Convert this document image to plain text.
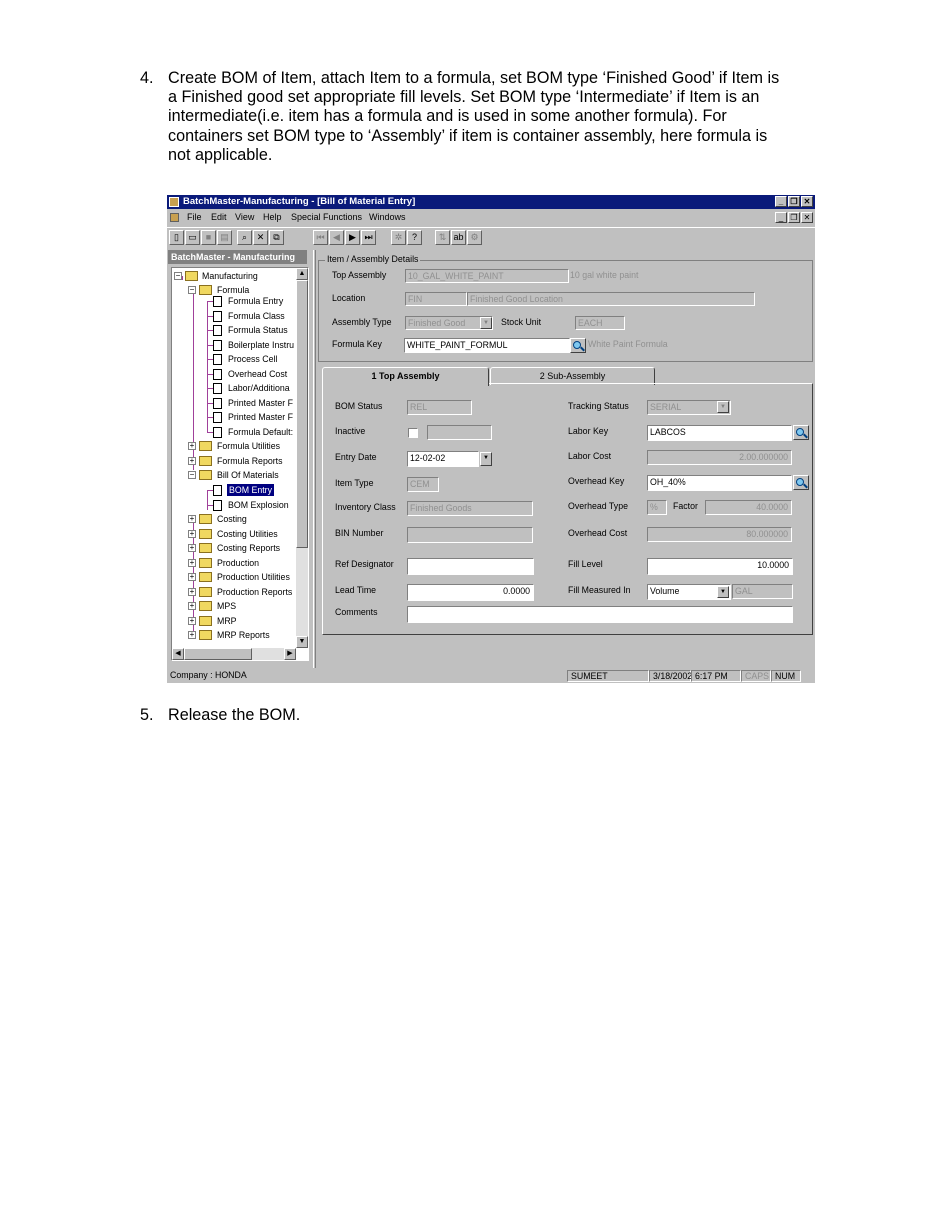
4. Create BOM of Item, attach Item to a formula, set BOM type ‘Finished Good’ if Item is
a Finished good set appropriate fill levels. Set BOM type ‘Intermediate’ if Item is an
intermediate(i.e. item has a formula and is used in some another formula). For
containers set BOM type to ‘Assembly’ if item is container assembly, here formula is
not applicable.
BatchMaster-Manufacturing - [Bill of Material Entry]	_ ❐ ✕
File Edit View Help Special Functions Windows	_ ❐ ✕
▯	▭	■	▤	⌕	✕	⧉	⏮ ◀	▶ ⏭	✲	?	⇅ ab ⚙
BatchMaster - Manufacturing
− Manufacturing
−	Formula
Formula Entry
Formula Class
Formula Status
Boilerplate Instru
Process Cell
Overhead Cost
Labor/Additiona
Printed Master F
Printed Master F
Formula Default:
+	Formula Utilities
+	Formula Reports
−	Bill Of Materials
BOM Entry
BOM Explosion
+	Costing
+	Costing Utilities
+	Costing Reports
+	Production
+	Production Utilities
+	Production Reports
+	MPS
+	MRP
+	MRP Reports
▲
▼
◀	▶
Item / Assembly Details
Top Assembly	10_GAL_WHITE_PAINT	10 gal white paint
Location	FIN	Finished Good Location
Assembly Type	Finished Good	▼	Stock Unit	EACH
Formula Key	WHITE_PAINT_FORMUL	White Paint Formula
1 Top Assembly	2 Sub-Assembly
BOM Status	REL
Inactive
Entry Date	12-02-02	▼
Item Type	CEM
Inventory Class	Finished Goods
BIN Number
Ref Designator
Lead Time	0.0000
Comments
Tracking Status	SERIAL	▼
Labor Key	LABCOS
Labor Cost	2.00.000000
Overhead Key	OH_40%
Overhead Type	%	Factor	40.0000
Overhead Cost	80.000000
Fill Level	10.0000
Fill Measured In	Volume	▼	GAL
Company : HONDA	SUMEET	3/18/2002 6:17 PM	CAPS NUM
5. Release the BOM.
